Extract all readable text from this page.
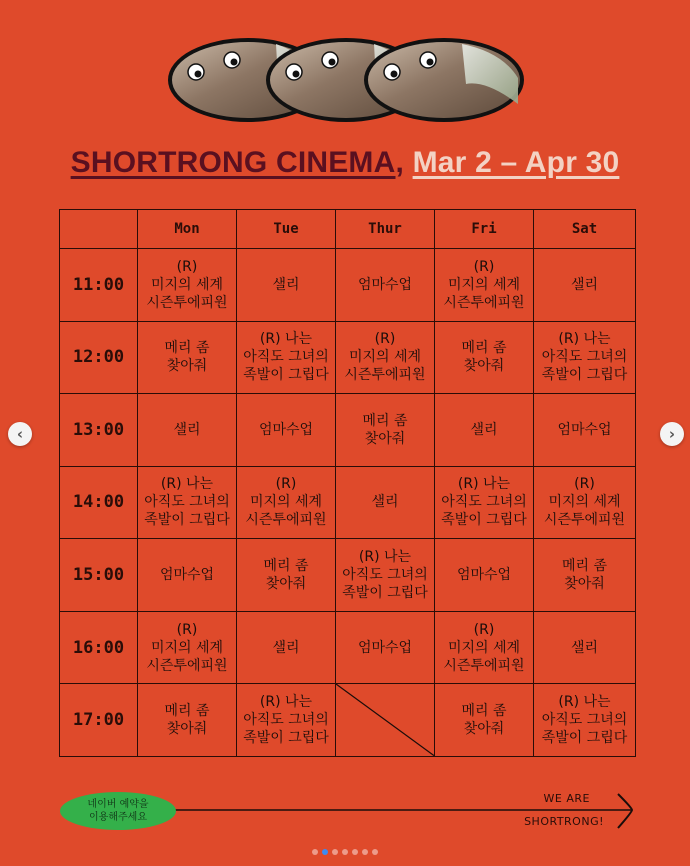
SHORTRONG CINEMA, Mar 2 – Apr 30
	Mon	Tue	Thur	Fri	Sat
11:00	(R)
미지의 세계
시즌투에피원	샐리	엄마수업	(R)
미지의 세계
시즌투에피원	샐리

12:00	메리 좀
찾아줘	(R) 나는
아직도 그녀의
족발이 그립다	(R)
미지의 세계
시즌투에피원	메리 좀
찾아줘	(R) 나는
아직도 그녀의
족발이 그립다

13:00	샐리	엄마수업	메리 좀
찾아줘	샐리	엄마수업

14:00	(R) 나는
아직도 그녀의
족발이 그립다	(R)
미지의 세계
시즌투에피원	샐리	(R) 나는
아직도 그녀의
족발이 그립다	(R)
미지의 세계
시즌투에피원

15:00	엄마수업	메리 좀
찾아줘	(R) 나는
아직도 그녀의
족발이 그립다	엄마수업	메리 좀
찾아줘

16:00	(R)
미지의 세계
시즌투에피원	샐리	엄마수업	(R)
미지의 세계
시즌투에피원	샐리

17:00	메리 좀
찾아줘	(R) 나는
아직도 그녀의
족발이 그립다		메리 좀
찾아줘	(R) 나는
아직도 그녀의
족발이 그립다
네이버 예약을
이용해주세요
WE ARE
SHORTRONG!
‹	›
